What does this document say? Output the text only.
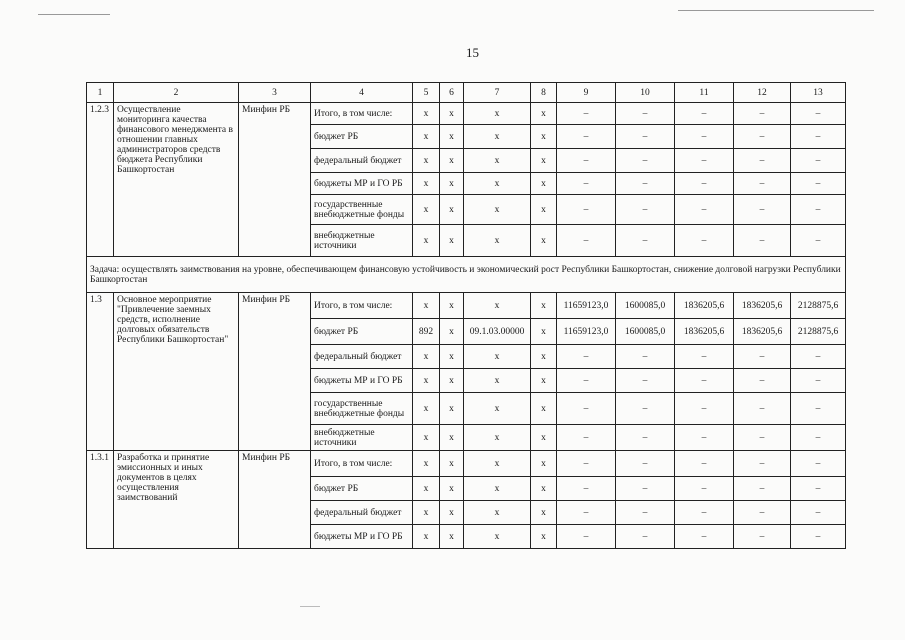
15
1	2	3	4	5	6	7	8	9	10	11	12	13
1.2.3	Осуществление мониторинга качества финансового менеджмента в отношении главных администраторов средств бюджета Республики Башкортостан	Минфин РБ	Итого, в том числе:	х	х	х	х	–	–	–	–	–
			бюджет РБ	х	х	х	х	–	–	–	–	–
			федеральный бюджет	х	х	х	х	–	–	–	–	–
			бюджеты МР и ГО РБ	х	х	х	х	–	–	–	–	–
			государственные внебюджетные фонды	х	х	х	х	–	–	–	–	–
			внебюджетные источники	х	х	х	х	–	–	–	–	–
Задача: осуществлять заимствования на уровне, обеспечивающем финансовую устойчивость и экономический рост Республики Башкортостан, снижение долговой нагрузки Республики Башкортостан												
1.3	Основное мероприятие "Привлечение заемных средств, исполнение долговых обязательств Республики Башкортостан"	Минфин РБ	Итого, в том числе:	х	х	х	х	11659123,0	1600085,0	1836205,6	1836205,6	2128875,6
			бюджет РБ	892	х	09.1.03.00000	х	11659123,0	1600085,0	1836205,6	1836205,6	2128875,6
			федеральный бюджет	х	х	х	х	–	–	–	–	–
			бюджеты МР и ГО РБ	х	х	х	х	–	–	–	–	–
			государственные внебюджетные фонды	х	х	х	х	–	–	–	–	–
			внебюджетные источники	х	х	х	х	–	–	–	–	–
1.3.1	Разработка и принятие эмиссионных и иных документов в целях осуществления заимствований	Минфин РБ	Итого, в том числе:	х	х	х	х	–	–	–	–	–
			бюджет РБ	х	х	х	х	–	–	–	–	–
			федеральный бюджет	х	х	х	х	–	–	–	–	–
			бюджеты МР и ГО РБ	х	х	х	х	–	–	–	–	–
